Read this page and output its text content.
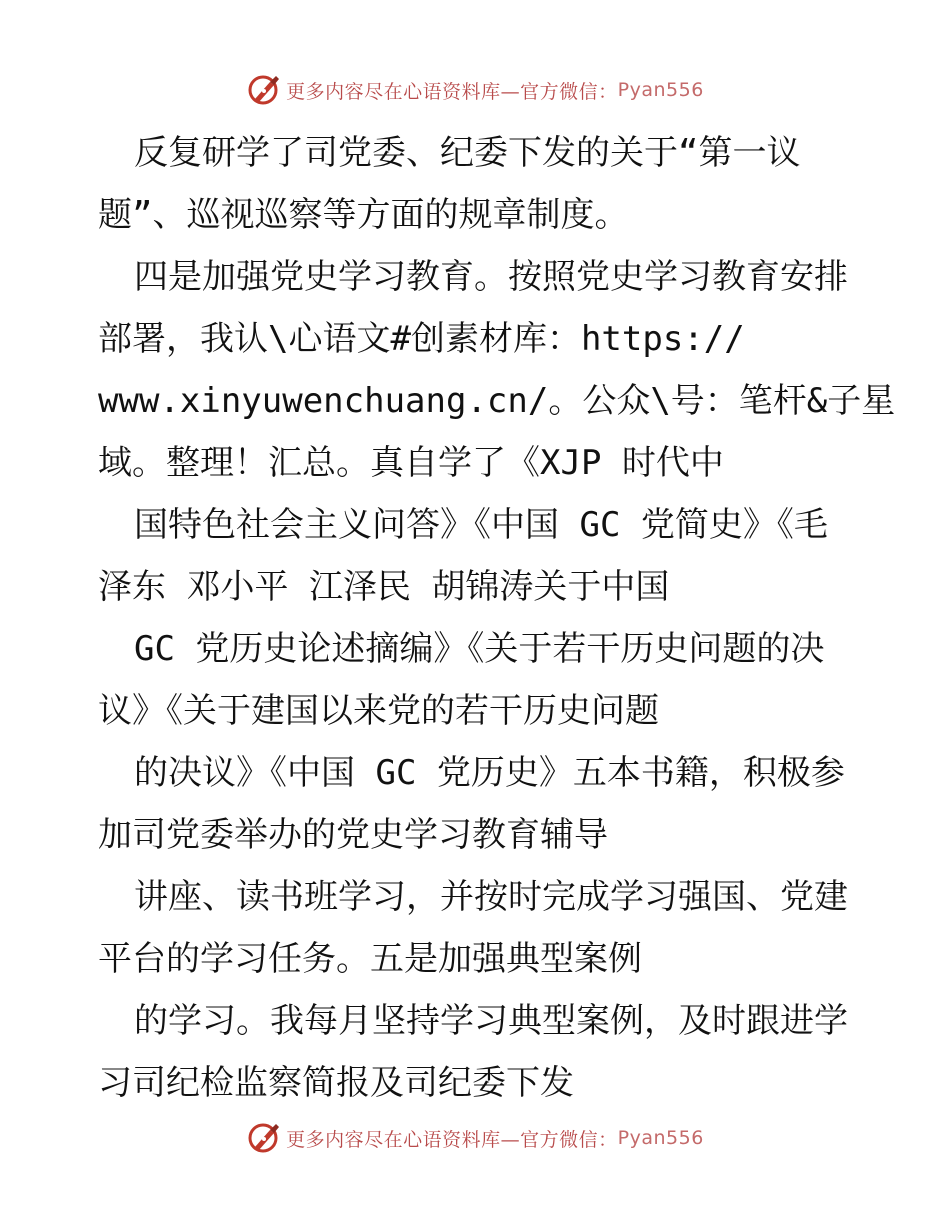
更多内容尽在心语资料库—官方微信： Pyan556
反复研学了司党委、纪委下发的关于“第一议
题”、巡视巡察等方面的规章制度。
四是加强党史学习教育。按照党史学习教育安排
部署，我认\心语文#创素材库：https://
www.xinyuwenchuang.cn/。公众\号：笔杆&子星
域。整理！汇总。真自学了《XJP 时代中
国特色社会主义问答》《中国 GC 党简史》《毛
泽东 邓小平 江泽民 胡锦涛关于中国
GC 党历史论述摘编》《关于若干历史问题的决
议》《关于建国以来党的若干历史问题
的决议》《中国 GC 党历史》五本书籍，积极参
加司党委举办的党史学习教育辅导
讲座、读书班学习，并按时完成学习强国、党建
平台的学习任务。五是加强典型案例
的学习。我每月坚持学习典型案例，及时跟进学
习司纪检监察简报及司纪委下发
更多内容尽在心语资料库—官方微信： Pyan556
